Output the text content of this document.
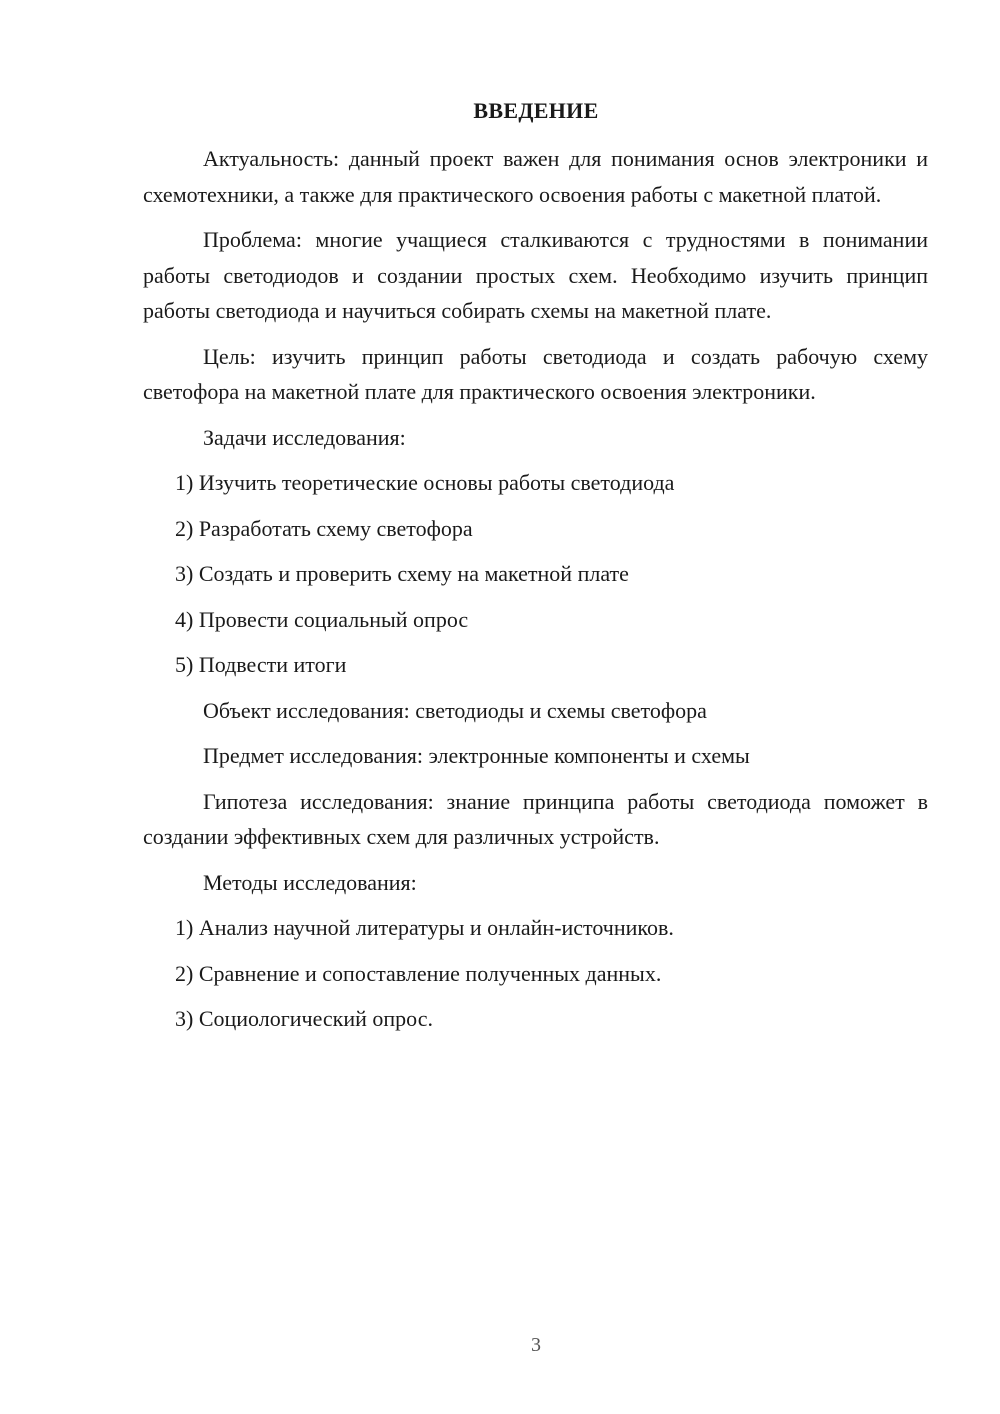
ВВЕДЕНИЕ

Актуальность: данный проект важен для понимания основ электроники и схемотехники, а также для практического освоения работы с макетной платой.

Проблема: многие учащиеся сталкиваются с трудностями в понимании работы светодиодов и создании простых схем. Необходимо изучить принцип работы светодиода и научиться собирать схемы на макетной плате.

Цель: изучить принцип работы светодиода и создать рабочую схему светофора на макетной плате для практического освоения электроники.

Задачи исследования:

1) Изучить теоретические основы работы светодиода

2) Разработать схему светофора

3) Создать и проверить схему на макетной плате

4) Провести социальный опрос

5) Подвести итоги

Объект исследования: светодиоды и схемы светофора

Предмет исследования: электронные компоненты и схемы

Гипотеза исследования: знание принципа работы светодиода поможет в создании эффективных схем для различных устройств.

Методы исследования:

1) Анализ научной литературы и онлайн-источников.

2) Сравнение и сопоставление полученных данных.

3) Социологический опрос.

3
